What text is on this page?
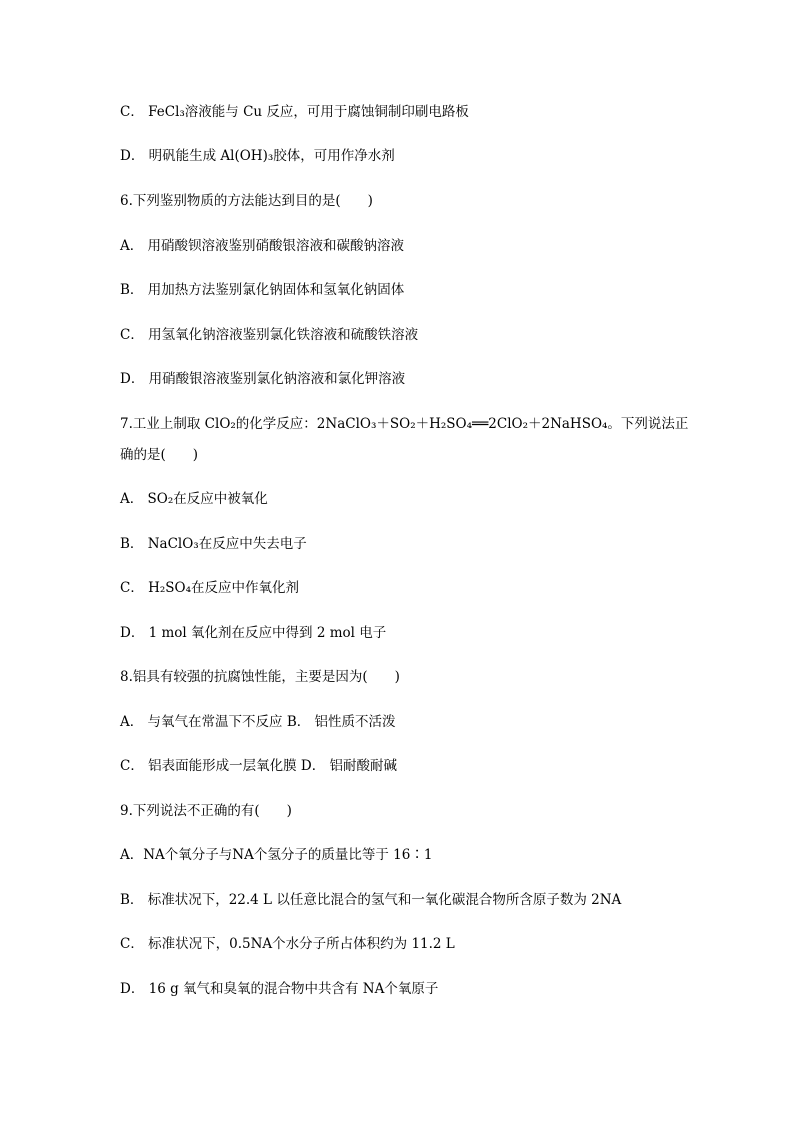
C． FeCl₃溶液能与 Cu 反应，可用于腐蚀铜制印刷电路板
D． 明矾能生成 Al(OH)₃胶体，可用作净水剂
6.下列鉴别物质的方法能达到目的是(　　)
A． 用硝酸钡溶液鉴别硝酸银溶液和碳酸钠溶液
B． 用加热方法鉴别氯化钠固体和氢氧化钠固体
C． 用氢氧化钠溶液鉴别氯化铁溶液和硫酸铁溶液
D． 用硝酸银溶液鉴别氯化钠溶液和氯化钾溶液
7.工业上制取 ClO₂的化学反应：2NaClO₃＋SO₂＋H₂SO₄══2ClO₂＋2NaHSO₄。下列说法正
确的是(　　)
A． SO₂在反应中被氧化
B． NaClO₃在反应中失去电子
C． H₂SO₄在反应中作氧化剂
D． 1 mol 氧化剂在反应中得到 2 mol 电子
8.铝具有较强的抗腐蚀性能，主要是因为(　　)
A． 与氧气在常温下不反应 B． 铝性质不活泼
C． 铝表面能形成一层氧化膜 D． 铝耐酸耐碱
9.下列说法不正确的有(　　)
A．NA个氧分子与NA个氢分子的质量比等于 16∶1
B． 标准状况下，22.4 L 以任意比混合的氢气和一氧化碳混合物所含原子数为 2NA
C． 标准状况下，0.5NA个水分子所占体积约为 11.2 L
D． 16 g 氧气和臭氧的混合物中共含有 NA个氧原子
